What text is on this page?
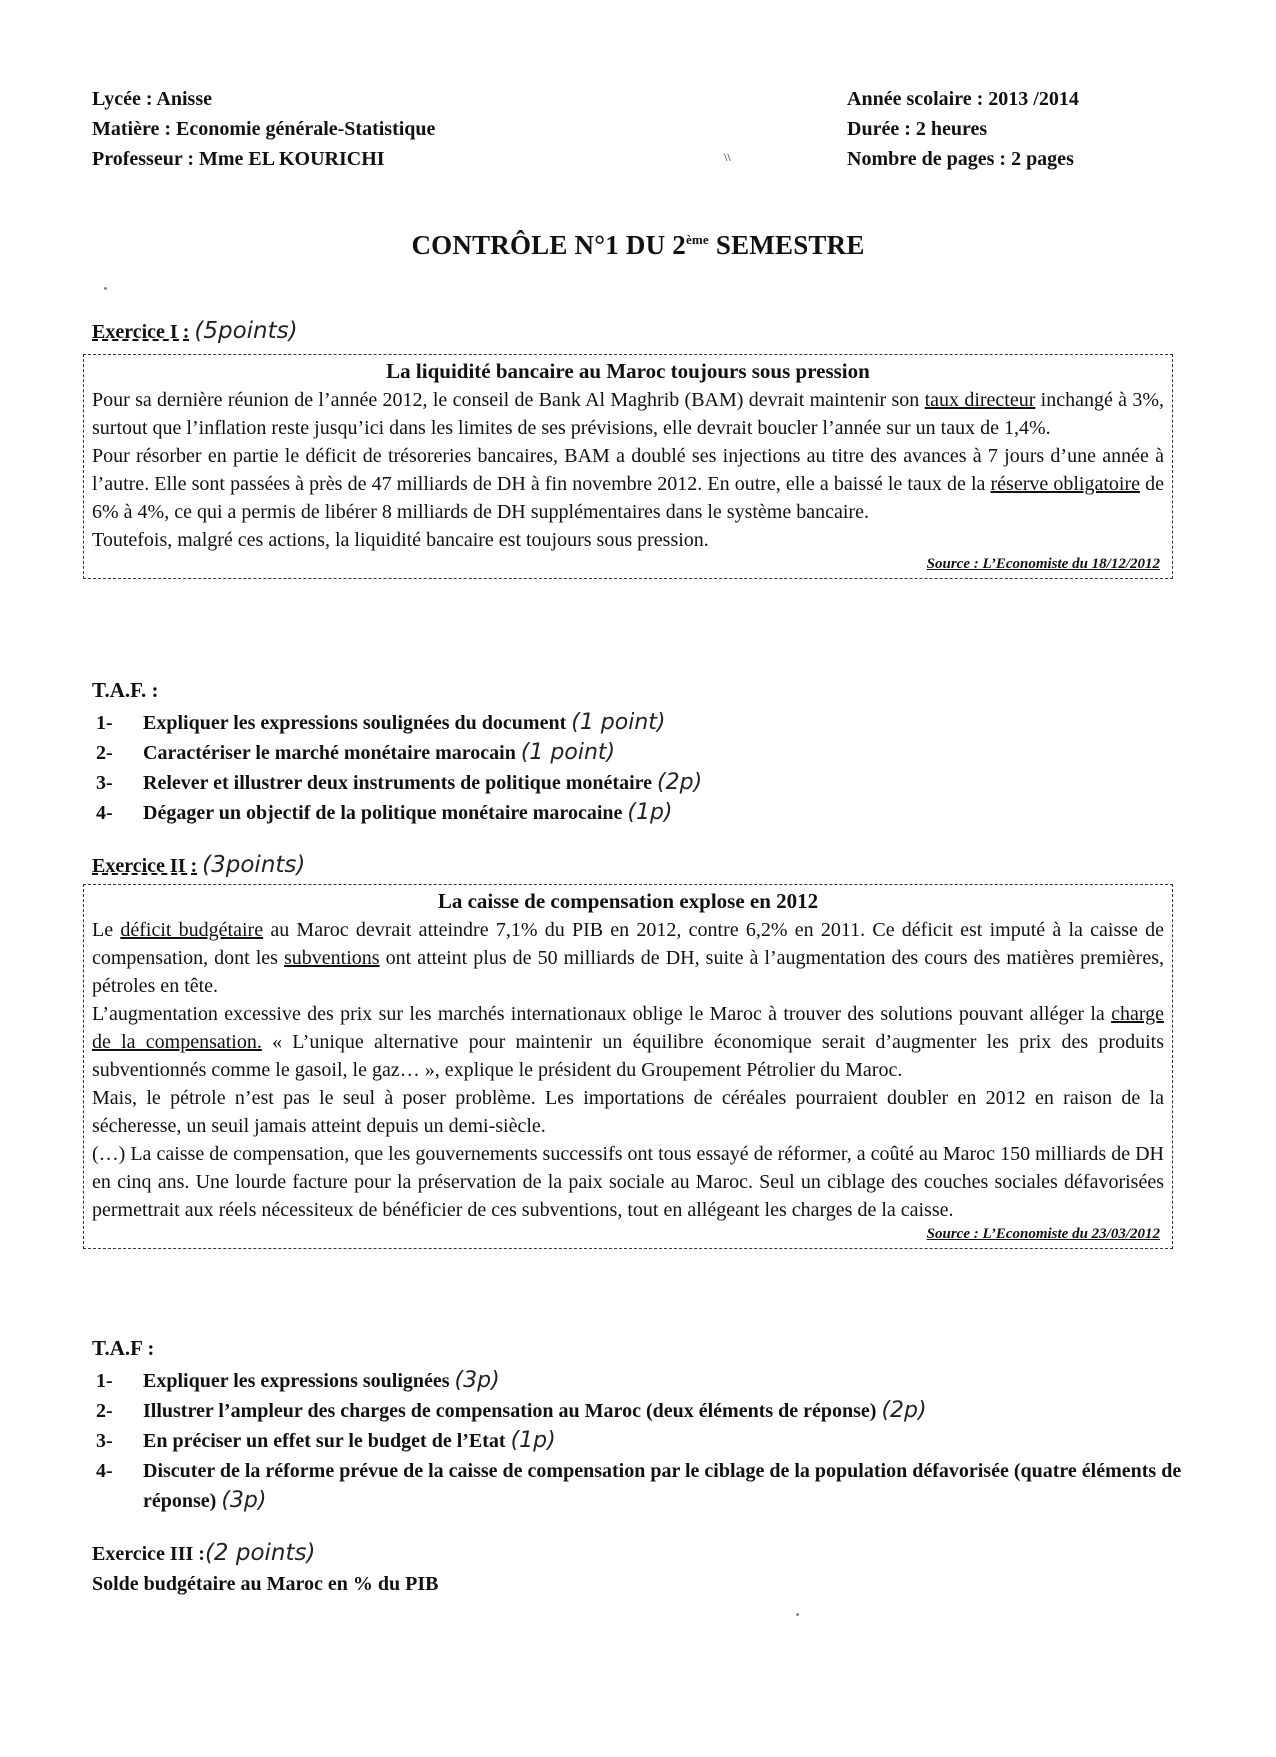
Lycée : Anisse
Matière : Economie générale-Statistique
Professeur : Mme EL KOURICHI	\\
Année scolaire : 2013 /2014
Durée : 2 heures
Nombre de pages : 2 pages
CONTRÔLE N°1 DU 2ème SEMESTRE
Exercice I : (5points)
La liquidité bancaire au Maroc toujours sous pression

Pour sa dernière réunion de l’année 2012, le conseil de Bank Al Maghrib (BAM) devrait maintenir son taux directeur inchangé à 3%, surtout que l’inflation reste jusqu’ici dans les limites de ses prévisions, elle devrait boucler l’année sur un taux de 1,4%.

Pour résorber en partie le déficit de trésoreries bancaires, BAM a doublé ses injections au titre des avances à 7 jours d’une année à l’autre. Elle sont passées à près de 47 milliards de DH à fin novembre 2012. En outre, elle a baissé le taux de la réserve obligatoire de 6% à 4%, ce qui a permis de libérer 8 milliards de DH supplémentaires dans le système bancaire.

Toutefois, malgré ces actions, la liquidité bancaire est toujours sous pression.

Source : L’Economiste du 18/12/2012
T.A.F. :
1-	Expliquer les expressions soulignées du document (1 point)
2-	Caractériser le marché monétaire marocain (1 point)
3-	Relever et illustrer deux instruments de politique monétaire (2p)
4-	Dégager un objectif de la politique monétaire marocaine (1p)
Exercice II : (3points)
La caisse de compensation explose en 2012

Le déficit budgétaire au Maroc devrait atteindre 7,1% du PIB en 2012, contre 6,2% en 2011. Ce déficit est imputé à la caisse de compensation, dont les subventions ont atteint plus de 50 milliards de DH, suite à l’augmentation des cours des matières premières, pétroles en tête.

L’augmentation excessive des prix sur les marchés internationaux oblige le Maroc à trouver des solutions pouvant alléger la charge de la compensation. « L’unique alternative pour maintenir un équilibre économique serait d’augmenter les prix des produits subventionnés comme le gasoil, le gaz… », explique le président du Groupement Pétrolier du Maroc.

Mais, le pétrole n’est pas le seul à poser problème. Les importations de céréales pourraient doubler en 2012 en raison de la sécheresse, un seuil jamais atteint depuis un demi-siècle.

(…) La caisse de compensation, que les gouvernements successifs ont tous essayé de réformer, a coûté au Maroc 150 milliards de DH en cinq ans. Une lourde facture pour la préservation de la paix sociale au Maroc. Seul un ciblage des couches sociales défavorisées permettrait aux réels nécessiteux de bénéficier de ces subventions, tout en allégeant les charges de la caisse.

Source : L’Economiste du 23/03/2012
T.A.F :
1-	Expliquer les expressions soulignées (3p)
2-	Illustrer l’ampleur des charges de compensation au Maroc (deux éléments de réponse) (2p)
3-	En préciser un effet sur le budget de l’Etat (1p)
4-	Discuter de la réforme prévue de la caisse de compensation par le ciblage de la population défavorisée (quatre éléments de réponse) (3p)
Exercice III :(2 points)
Solde budgétaire au Maroc en % du PIB
